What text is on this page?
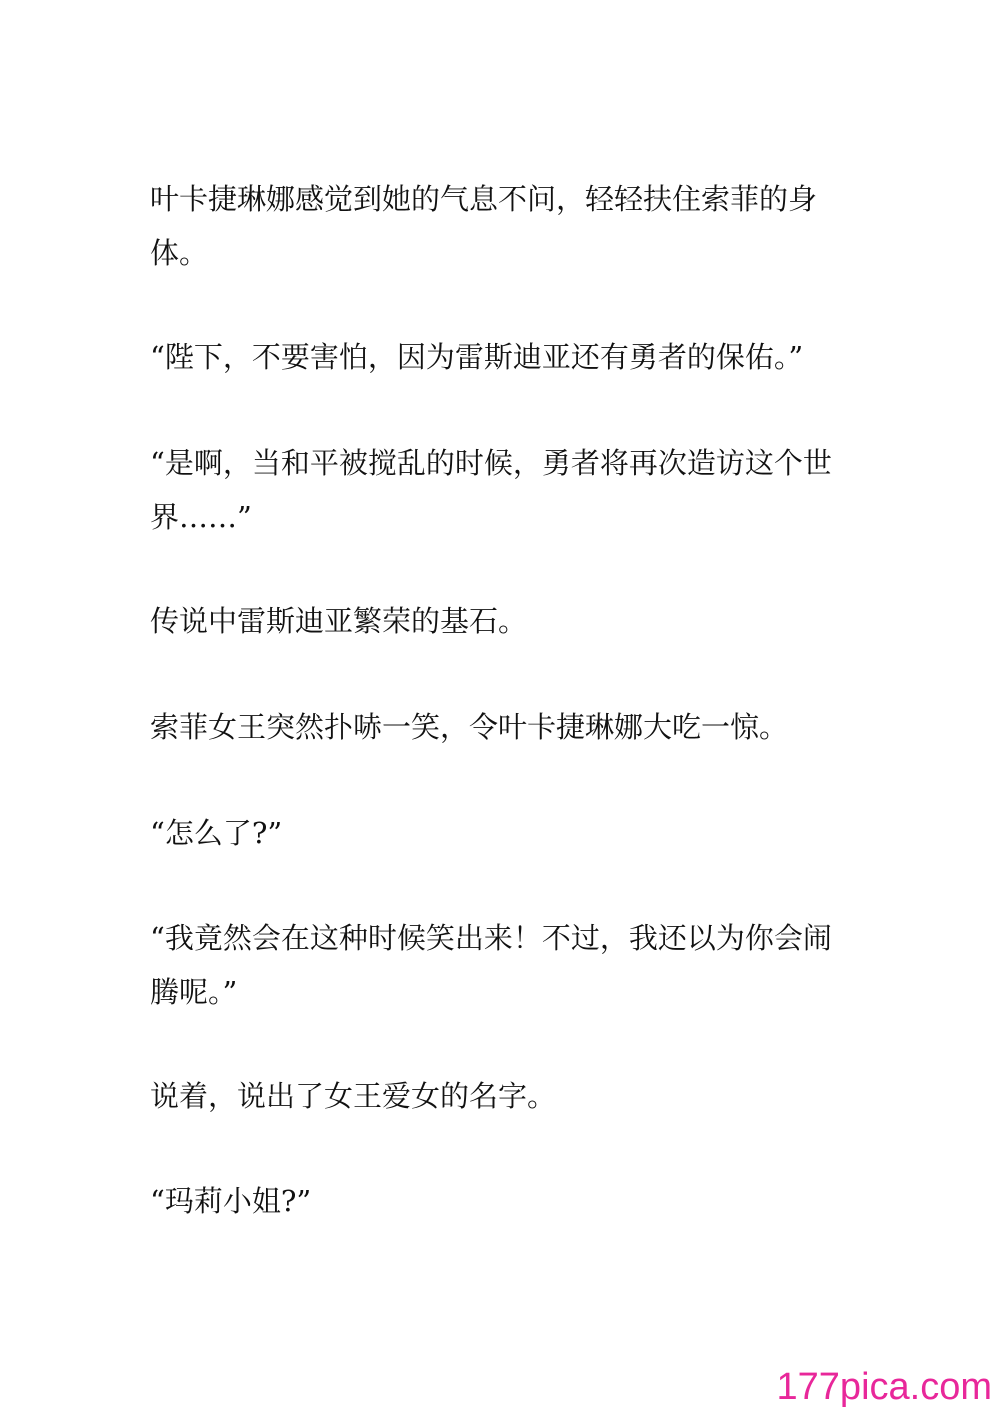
叶卡捷琳娜感觉到她的气息不问，轻轻扶住索菲的身体。

“陛下，不要害怕，因为雷斯迪亚还有勇者的保佑。”

“是啊，当和平被搅乱的时候，勇者将再次造访这个世界……”

传说中雷斯迪亚繁荣的基石。

索菲女王突然扑哧一笑，令叶卡捷琳娜大吃一惊。

“怎么了?”

“我竟然会在这种时候笑出来！不过，我还以为你会闹腾呢。”

说着，说出了女王爱女的名字。

“玛莉小姐?”

177pica.com
